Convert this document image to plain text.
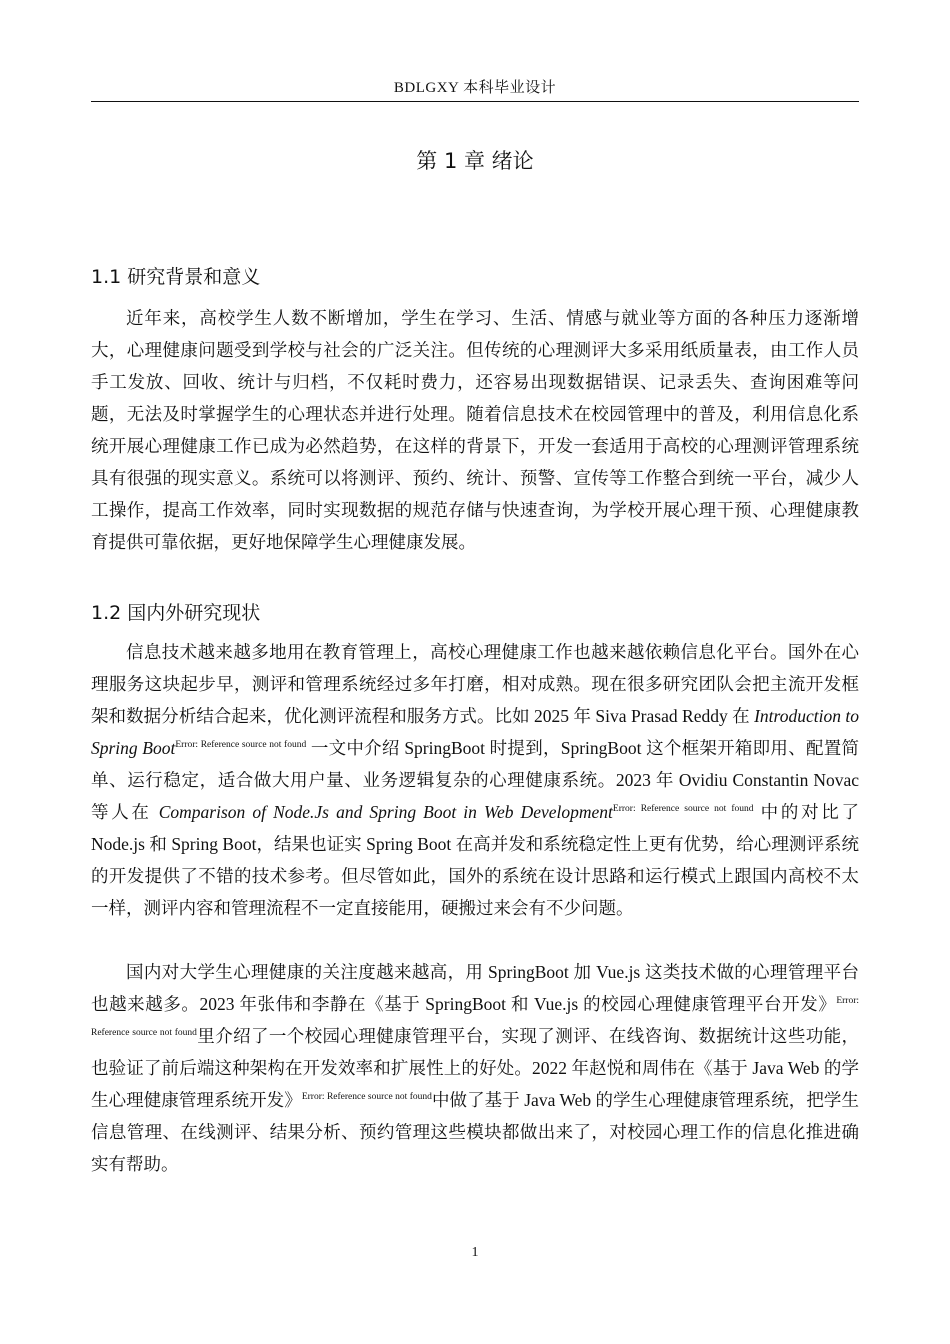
BDLGXY 本科毕业设计
第 1 章 绪论
1.1 研究背景和意义

近年来，高校学生人数不断增加，学生在学习、生活、情感与就业等方面的各种压力逐渐增大，心理健康问题受到学校与社会的广泛关注。但传统的心理测评大多采用纸质量表，由工作人员手工发放、回收、统计与归档，不仅耗时费力，还容易出现数据错误、记录丢失、查询困难等问题，无法及时掌握学生的心理状态并进行处理。随着信息技术在校园管理中的普及，利用信息化系统开展心理健康工作已成为必然趋势，在这样的背景下，开发一套适用于高校的心理测评管理系统具有很强的现实意义。系统可以将测评、预约、统计、预警、宣传等工作整合到统一平台，减少人工操作，提高工作效率，同时实现数据的规范存储与快速查询，为学校开展心理干预、心理健康教育提供可靠依据，更好地保障学生心理健康发展。

1.2 国内外研究现状

信息技术越来越多地用在教育管理上，高校心理健康工作也越来越依赖信息化平台。国外在心理服务这块起步早，测评和管理系统经过多年打磨，相对成熟。现在很多研究团队会把主流开发框架和数据分析结合起来，优化测评流程和服务方式。比如 2025 年 Siva Prasad Reddy 在 Introduction to Spring Boot$^{Error: Reference source not found}$ 一文中介绍 SpringBoot 时提到，SpringBoot 这个框架开箱即用、配置简单、运行稳定，适合做大用户量、业务逻辑复杂的心理健康系统。2023 年 Ovidiu Constantin Novac 等人在 Comparison of Node.Js and Spring Boot in Web Development$^{Error: Reference source not found}$ 中的对比了 Node.js 和 Spring Boot，结果也证实 Spring Boot 在高并发和系统稳定性上更有优势，给心理测评系统的开发提供了不错的技术参考。但尽管如此，国外的系统在设计思路和运行模式上跟国内高校不太一样，测评内容和管理流程不一定直接能用，硬搬过来会有不少问题。

国内对大学生心理健康的关注度越来越高，用 SpringBoot 加 Vue.js 这类技术做的心理管理平台也越来越多。2023 年张伟和李静在《基于 SpringBoot 和 Vue.js 的校园心理健康管理平台开发》$^{Error: Reference source not found}$里介绍了一个校园心理健康管理平台，实现了测评、在线咨询、数据统计这些功能，也验证了前后端这种架构在开发效率和扩展性上的好处。2022 年赵悦和周伟在《基于 Java Web 的学生心理健康管理系统开发》$^{Error: Reference source not found}$中做了基于 Java Web 的学生心理健康管理系统，把学生信息管理、在线测评、结果分析、预约管理这些模块都做出来了，对校园心理工作的信息化推进确实有帮助。

1
